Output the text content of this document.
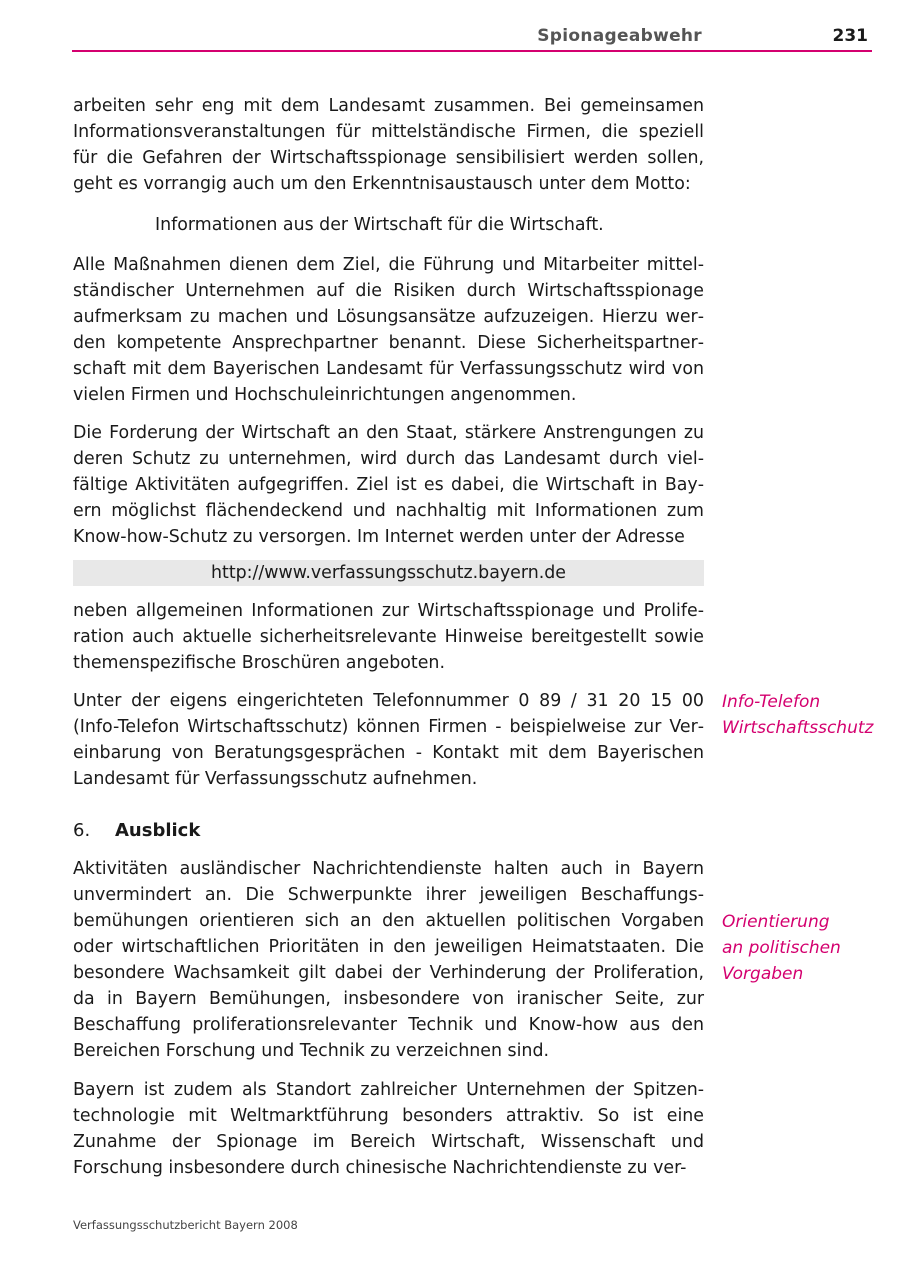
Spionageabwehr	231

arbeiten sehr eng mit dem Landesamt zusammen. Bei gemeinsamen Informationsveranstaltungen für mittelständische Firmen, die speziell für die Gefahren der Wirtschaftsspionage sensibilisiert werden sollen, geht es vorrangig auch um den Erkenntnisaustausch unter dem Motto:

Informationen aus der Wirtschaft für die Wirtschaft.

Alle Maßnahmen dienen dem Ziel, die Führung und Mitarbeiter mittelständischer Unternehmen auf die Risiken durch Wirtschaftsspionage aufmerksam zu machen und Lösungsansätze aufzuzeigen. Hierzu werden kompetente Ansprechpartner benannt. Diese Sicherheitspartnerschaft mit dem Bayerischen Landesamt für Verfassungsschutz wird von vielen Firmen und Hochschuleinrichtungen angenommen.

Die Forderung der Wirtschaft an den Staat, stärkere Anstrengungen zu deren Schutz zu unternehmen, wird durch das Landesamt durch vielfältige Aktivitäten aufgegriffen. Ziel ist es dabei, die Wirtschaft in Bayern möglichst flächendeckend und nachhaltig mit Informationen zum Know-how-Schutz zu versorgen. Im Internet werden unter der Adresse

http://www.verfassungsschutz.bayern.de

neben allgemeinen Informationen zur Wirtschaftsspionage und Proliferation auch aktuelle sicherheitsrelevante Hinweise bereitgestellt sowie themenspezifische Broschüren angeboten.

Unter der eigens eingerichteten Telefonnummer 0 89 / 31 20 15 00 (Info-Telefon Wirtschaftsschutz) können Firmen - beispielweise zur Vereinbarung von Beratungsgesprächen - Kontakt mit dem Bayerischen Landesamt für Verfassungsschutz aufnehmen.

Info-Telefon
Wirtschaftsschutz
6. Ausblick

Aktivitäten ausländischer Nachrichtendienste halten auch in Bayern unvermindert an. Die Schwerpunkte ihrer jeweiligen Beschaffungsbemühungen orientieren sich an den aktuellen politischen Vorgaben oder wirtschaftlichen Prioritäten in den jeweiligen Heimatstaaten. Die besondere Wachsamkeit gilt dabei der Verhinderung der Proliferation, da in Bayern Bemühungen, insbesondere von iranischer Seite, zur Beschaffung proliferationsrelevanter Technik und Know-how aus den Bereichen Forschung und Technik zu verzeichnen sind.

Orientierung
an politischen
Vorgaben

Bayern ist zudem als Standort zahlreicher Unternehmen der Spitzentechnologie mit Weltmarktführung besonders attraktiv. So ist eine Zunahme der Spionage im Bereich Wirtschaft, Wissenschaft und Forschung insbesondere durch chinesische Nachrichtendienste zu ver-

Verfassungsschutzbericht Bayern 2008
